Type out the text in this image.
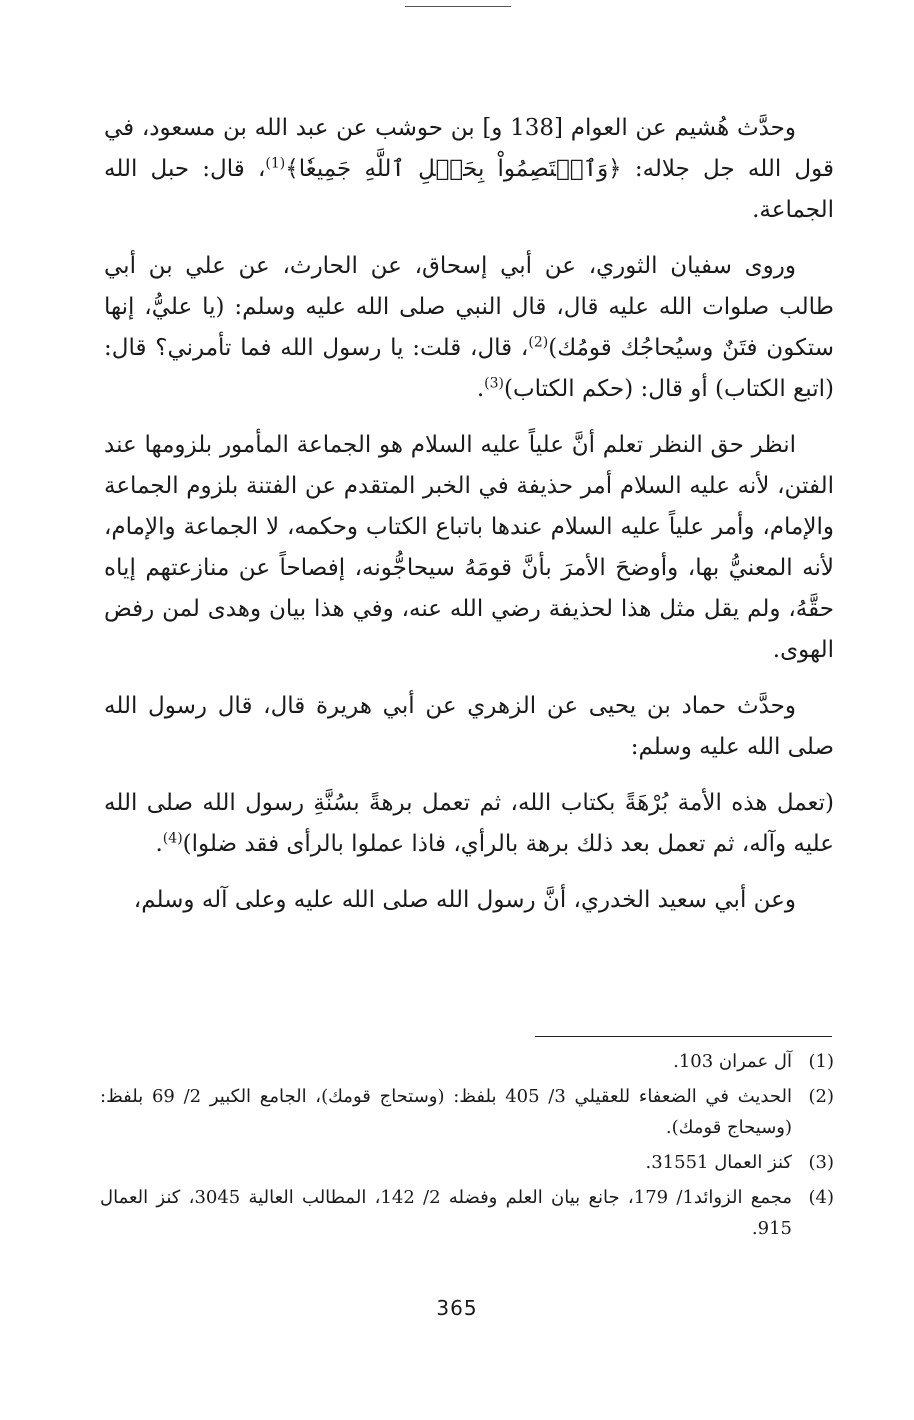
وحدَّث هُشيم عن العوام [138 و] بن حوشب عن عبد الله بن مسعود، في قول الله جل جلاله: ﴿وَٱعۡتَصِمُواْ بِحَبۡلِ ٱللَّهِ جَمِيعٗا﴾$^{(1)}$، قال: حبل الله الجماعة.

وروى سفيان الثوري، عن أبي إسحاق، عن الحارث، عن علي بن أبي طالب صلوات الله عليه قال، قال النبي صلى الله عليه وسلم: (يا عليُّ، إنها ستكون فتَنٌ وسيُحاجُك قومُك)$^{(2)}$، قال، قلت: يا رسول الله فما تأمرني؟ قال: (اتبع الكتاب) أو قال: (حكم الكتاب)$^{(3)}$.

انظر حق النظر تعلم أنَّ علياً عليه السلام هو الجماعة المأمور بلزومها عند الفتن، لأنه عليه السلام أمر حذيفة في الخبر المتقدم عن الفتنة بلزوم الجماعة والإمام، وأمر علياً عليه السلام عندها باتباع الكتاب وحكمه، لا الجماعة والإمام، لأنه المعنيُّ بها، وأوضحَ الأمرَ بأنَّ قومَهُ سيحاجُّونه، إفصاحاً عن منازعتهم إياه حقَّهُ، ولم يقل مثل هذا لحذيفة رضي الله عنه، وفي هذا بيان وهدى لمن رفض الهوى.

وحدَّث حماد بن يحيى عن الزهري عن أبي هريرة قال، قال رسول الله صلى الله عليه وسلم:

(تعمل هذه الأمة بُرْهَةً بكتاب الله، ثم تعمل برهةً بسُنَّةِ رسول الله صلى الله عليه وآله، ثم تعمل بعد ذلك برهة بالرأي، فاذا عملوا بالرأى فقد ضلوا)$^{(4)}$.

وعن أبي سعيد الخدري، أنَّ رسول الله صلى الله عليه وعلى آله وسلم،

(1)
آل عمران 103.
(2)
الحديث في الضعفاء للعقيلي 3/ 405 بلفظ: (وستحاج قومك)، الجامع الكبير 2/ 69 بلفظ: (وسيحاج قومك).
(3)
كنز العمال 31551.
(4)
مجمع الزوائد1/ 179، جانع بيان العلم وفضله 2/ 142، المطالب العالية 3045، كنز العمال 915.
365
